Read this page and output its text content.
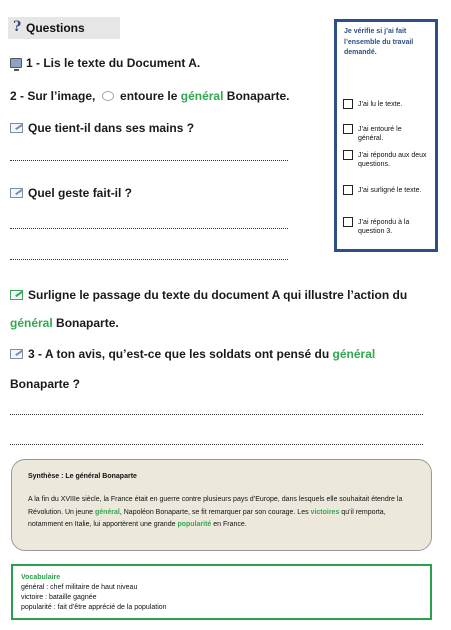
? Questions
1 - Lis le texte du Document A.
2 - Sur l’image, entoure le général Bonaparte.
Que tient-il dans ses mains ?
Quel geste fait-il ?
Surligne le passage du texte du document A qui illustre l’action du
général Bonaparte.
3 - A ton avis, qu’est-ce que les soldats ont pensé du général
Bonaparte ?
Je vérifie si j’ai fait l’ensemble du travail demandé.
J’ai lu le texte.
J’ai entouré le général.
J’ai répondu aux deux questions.
J’ai surligné le texte.
J’ai répondu à la question 3.
Synthèse : Le général Bonaparte
A la fin du XVIIIe siècle, la France était en guerre contre plusieurs pays d’Europe, dans lesquels elle souhaitait étendre la Révolution. Un jeune général, Napoléon Bonaparte, se fit remarquer par son courage. Les victoires qu’il remporta, notamment en Italie, lui apportèrent une grande popularité en France.
Vocabulaire
général : chef militaire de haut niveau
victoire : bataille gagnée
popularité : fait d’être apprécié de la population
